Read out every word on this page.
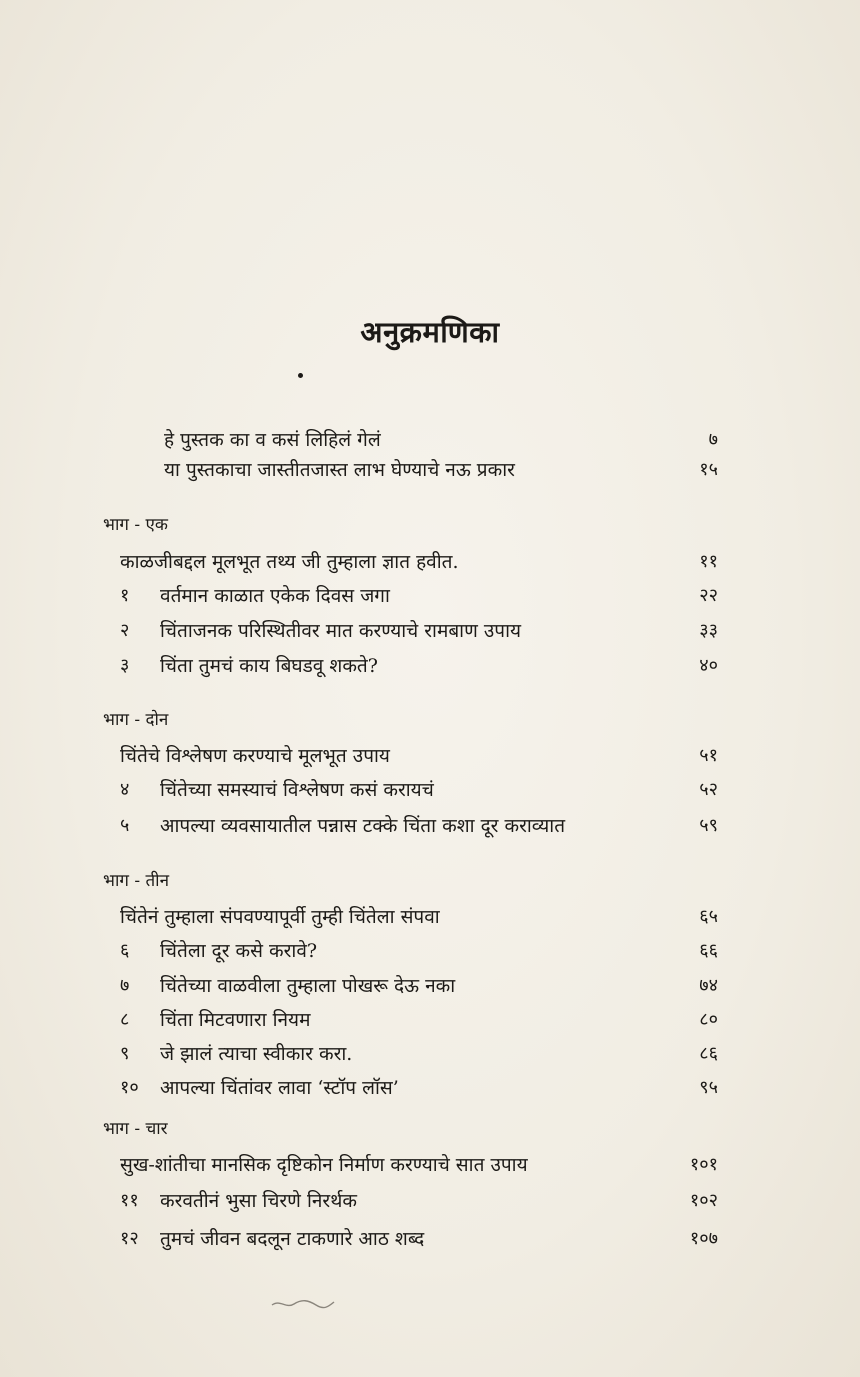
अनुक्रमणिका
हे पुस्तक का व कसं लिहिलं गेलं	७
या पुस्तकाचा जास्तीतजास्त लाभ घेण्याचे नऊ प्रकार	१५
भाग - एक
काळजीबद्दल मूलभूत तथ्य जी तुम्हाला ज्ञात हवीत.	११
१	वर्तमान काळात एकेक दिवस जगा	२२
२	चिंताजनक परिस्थितीवर मात करण्याचे रामबाण उपाय	३३
३	चिंता तुमचं काय बिघडवू शकते?	४०
भाग - दोन
चिंतेचे विश्लेषण करण्याचे मूलभूत उपाय	५१
४	चिंतेच्या समस्याचं विश्लेषण कसं करायचं	५२
५	आपल्या व्यवसायातील पन्नास टक्के चिंता कशा दूर कराव्यात	५९
भाग - तीन
चिंतेनं तुम्हाला संपवण्यापूर्वी तुम्ही चिंतेला संपवा	६५
६	चिंतेला दूर कसे करावे?	६६
७	चिंतेच्या वाळवीला तुम्हाला पोखरू देऊ नका	७४
८	चिंता मिटवणारा नियम	८०
९	जे झालं त्याचा स्वीकार करा.	८६
१०	आपल्या चिंतांवर लावा ‘स्टॉप लॉस’	९५
भाग - चार
सुख-शांतीचा मानसिक दृष्टिकोन निर्माण करण्याचे सात उपाय	१०१
११	करवतीनं भुसा चिरणे निरर्थक	१०२
१२	तुमचं जीवन बदलून टाकणारे आठ शब्द	१०७
